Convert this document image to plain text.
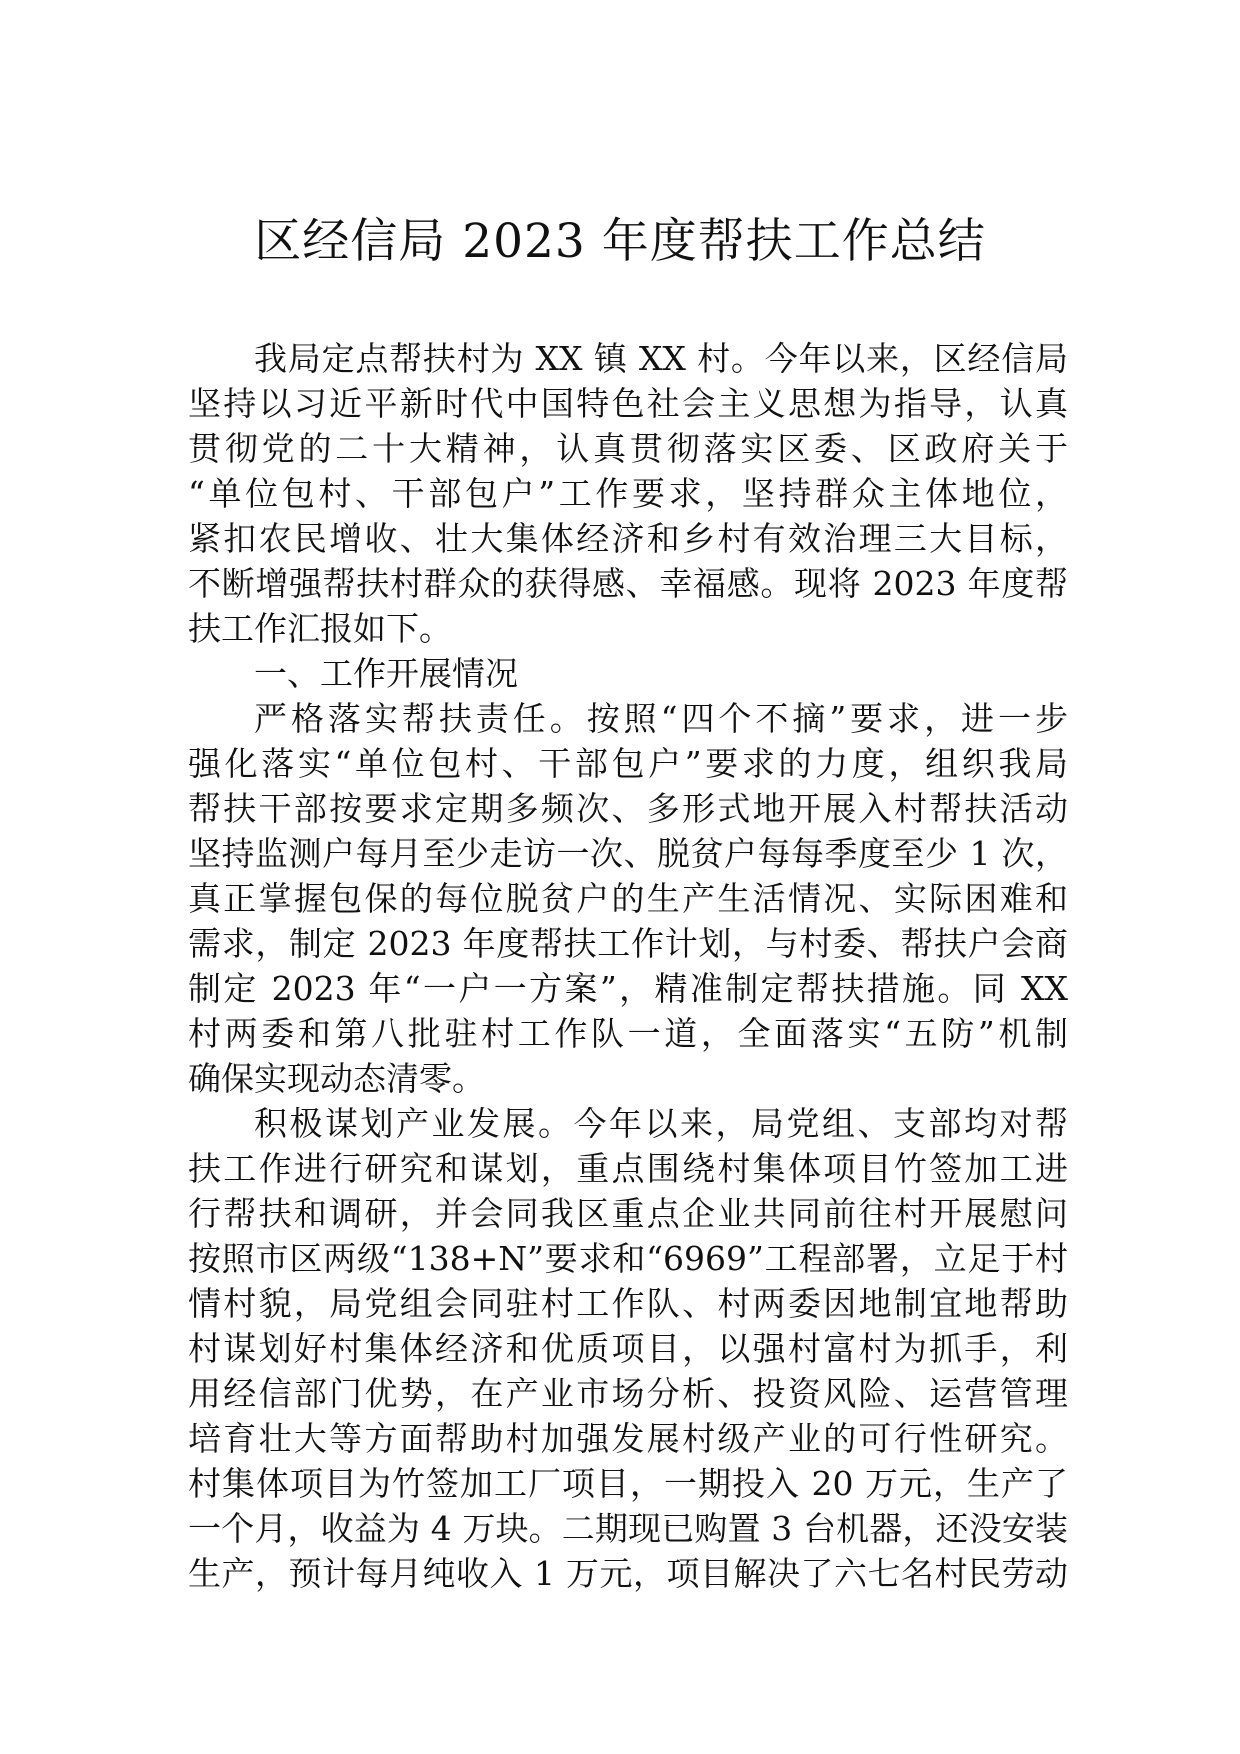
区经信局 2023 年度帮扶工作总结
我局定点帮扶村为 XX 镇 XX 村。今年以来，区经信局
坚持以习近平新时代中国特色社会主义思想为指导，认真
贯彻党的二十大精神，认真贯彻落实区委、区政府关于
“单位包村、干部包户”工作要求，坚持群众主体地位，
紧扣农民增收、壮大集体经济和乡村有效治理三大目标，
不断增强帮扶村群众的获得感、幸福感。现将 2023 年度帮
扶工作汇报如下。
一、工作开展情况
严格落实帮扶责任。按照“四个不摘”要求，进一步
强化落实“单位包村、干部包户”要求的力度，组织我局
帮扶干部按要求定期多频次、多形式地开展入村帮扶活动
坚持监测户每月至少走访一次、脱贫户每每季度至少 1 次，
真正掌握包保的每位脱贫户的生产生活情况、实际困难和
需求，制定 2023 年度帮扶工作计划，与村委、帮扶户会商
制定 2023 年“一户一方案”，精准制定帮扶措施。同 XX
村两委和第八批驻村工作队一道，全面落实“五防”机制
确保实现动态清零。
积极谋划产业发展。今年以来，局党组、支部均对帮
扶工作进行研究和谋划，重点围绕村集体项目竹签加工进
行帮扶和调研，并会同我区重点企业共同前往村开展慰问
按照市区两级“138+N”要求和“6969”工程部署，立足于村
情村貌，局党组会同驻村工作队、村两委因地制宜地帮助
村谋划好村集体经济和优质项目，以强村富村为抓手，利
用经信部门优势，在产业市场分析、投资风险、运营管理
培育壮大等方面帮助村加强发展村级产业的可行性研究。
村集体项目为竹签加工厂项目，一期投入 20 万元，生产了
一个月，收益为 4 万块。二期现已购置 3 台机器，还没安装
生产，预计每月纯收入 1 万元，项目解决了六七名村民劳动
